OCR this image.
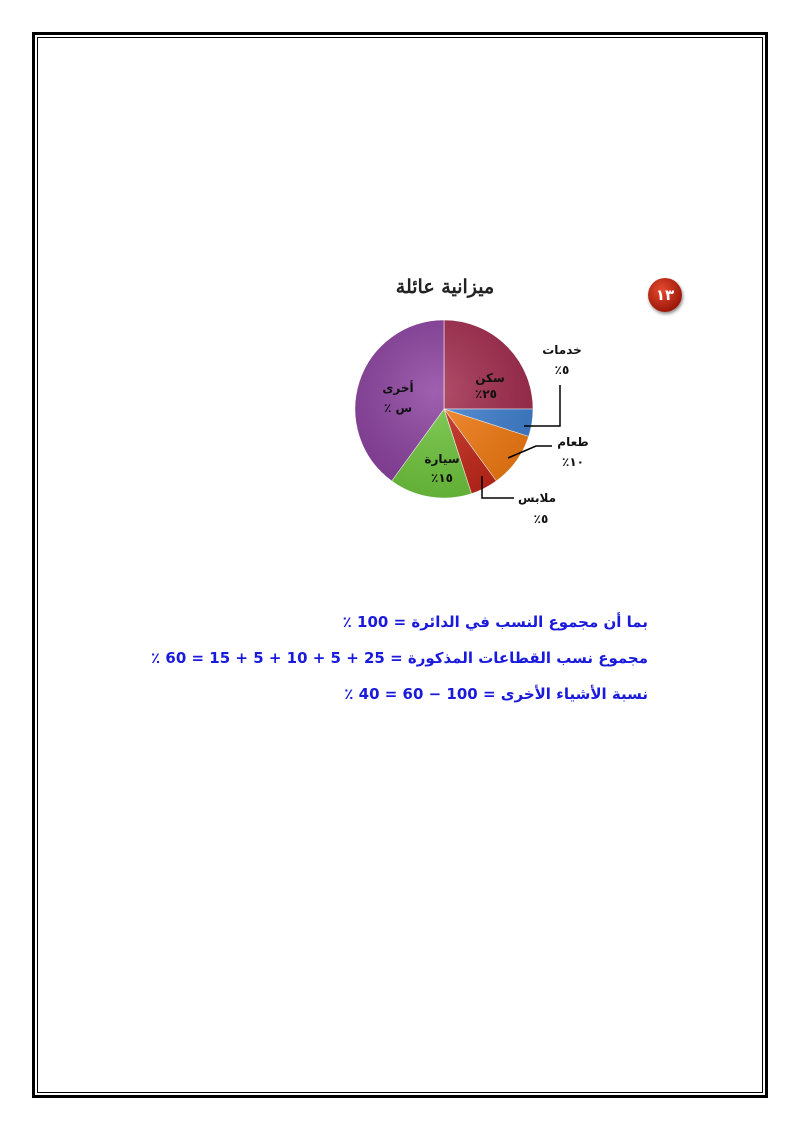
١٣
ميزانية عائلة
سكن
٪٢٥
خدمات
٪٥
طعام
٪١٠
ملابس
٪٥
سيارة
٪١٥
أخرى
س ٪
بما أن مجموع النسب في الدائرة = 100 ٪
مجموع نسب القطاعات المذكورة = 25 + 5 + 10 + 5 + 15 = 60 ٪
نسبة الأشياء الأخرى = 100 − 60 = 40 ٪
